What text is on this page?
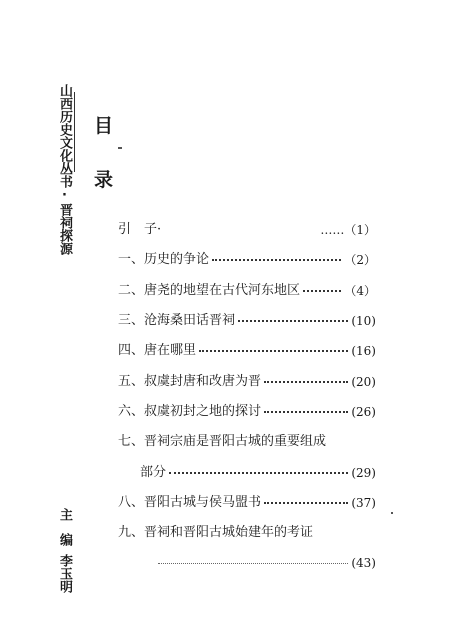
山西历史文化丛书·晋祠探源
主编
李玉明
目
录
引　子·	……（1）
一、历史的争论	（2）
二、唐尧的地望在古代河东地区	（4）
三、沧海桑田话晋祠	(10)
四、唐在哪里	(16)
五、叔虞封唐和改唐为晋	(20)
六、叔虞初封之地的探讨	(26)
七、晋祠宗庙是晋阳古城的重要组成
部分	(29)
八、晋阳古城与侯马盟书	(37)
九、晋祠和晋阳古城始建年的考证
(43)
